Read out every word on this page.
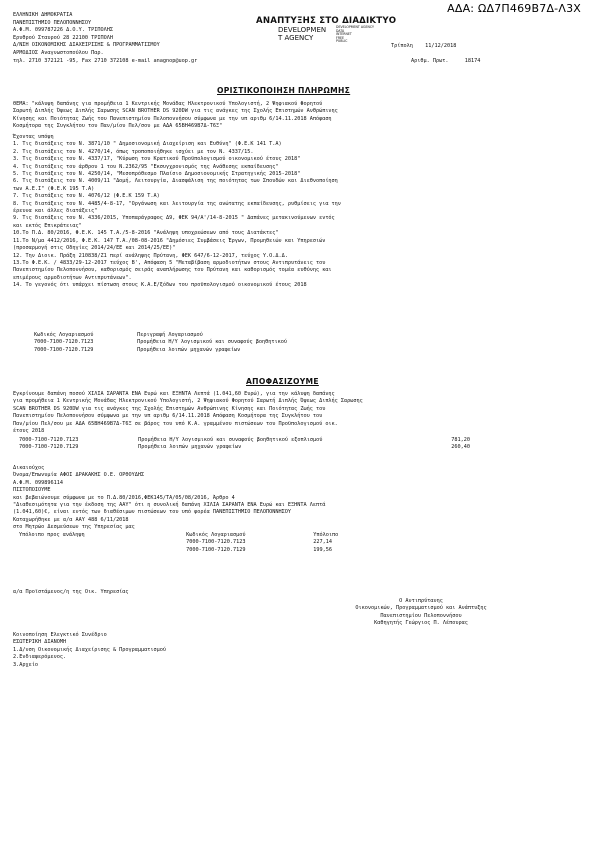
ΑΔΑ: ΩΔ7Π469Β7Δ-Λ3Χ
ΕΛΛΗΝΙΚΗ ΔΗΜΟΚΡΑΤΙΑ
ΠΑΝΕΠΙΣΤΗΜΙΟ ΠΕΛΟΠΟΝΝΗΣΟΥ
Α.Φ.Μ. 099787226 Δ.Ο.Υ. ΤΡΙΠΟΛΗΣ
Ερυθρού Σταυρού 28 22100 ΤΡΙΠΟΛΗ
Δ/ΝΣΗ ΟΙΚΟΝΟΜΙΚΗΣ ΔΙΑΧΕΙΡΙΣΗΣ & ΠΡΟΓΡΑΜΜΑΤΙΣΜΟΥ
ΑΡΜΟΔΙΟΣ Αναγνωστοπούλου Παρ.
τηλ. 2710 372121 -95, Fax 2710 372108 e-mail anagnop@uop.gr
ΑΝΑΠΤΥΞΗΣ ΣΤΟ ΔΙΑΔΙΚΤΥΟ
DEVELOPMEN
T AGENCY
DEVELOPMENT AGENCY
DATA
INTERNET
FREE
PUBLIC
Τρίπολη 11/12/2018
Αριθμ. Πρωτ.	18174
ΟΡΙΣΤΙΚΟΠΟΙΗΣΗ ΠΛΗΡΩΜΗΣ
ΘΕΜΑ: "κάλυψη δαπάνης για προμήθεια 1 Κεντρικής Μονάδας Ηλεκτρονικού Υπολογιστή, 2 Ψηφιακού Φορητού
Σαρωτή Διπλής Όψεως Διπλής Σαρωσης SCAN BROTHER DS 920DW για τις ανάγκες της Σχολής Επιστημών Ανθρώπινης
Κίνησης και Ποιότητας Ζωής του Πανεπιστημίου Πελοποννήσου σύμφωνα με την υπ αριθμ 6/14.11.2018 Απόφαση
Κοσμήτορα της Συγκλήτου του Παν/μίου Πελ/σου με ΑΔΑ 65ΒΗ469Β7Δ-Τ6Ξ"
Έχοντας υπόψη
1. Τις διατάξεις του Ν. 3871/10 " Δημοσιονομική Διαχείριση και Ευθύνη" (Φ.Ε.Κ 141 Τ.Α)
2. Τις διατάξεις του Ν. 4270/14, όπως τροποποιήθηκε ισχύει με τον Ν. 4337/15.
3. Τις διατάξεις του Ν. 4337/17, "Κύρωση του Κρατικού Προϋπολογισμού οικονομικού έτους 2018"
4. Τις διατάξεις του άρθρου 1 του Ν.2362/95 "Εκσυγχρονισμός της Ανάθεσης εκπαίδευσης"
5. Τις διατάξεις του Ν. 4250/14, "Μεσοπρόθεσμο Πλαίσιο Δημοσιονομικής Στρατηγικής 2015-2018"
6. Τις διατάξεις του Ν. 4009/11 "Δομή, Λειτουργία, Διασφάλιση της ποιότητας των Σπουδών και Διεθνοποίηση
των Α.Ε.Ι" (Φ.Ε.Κ 195 Τ.Α)
7. Τις διατάξεις του Ν. 4076/12 (Φ.Ε.Κ 159 Τ.Α)
8. Τις διατάξεις του Ν. 4485/4-8-17, "Οργάνωση και λειτουργία της ανώτατης εκπαίδευσης, ρυθμίσεις για την
έρευνα και άλλες διατάξεις"
9. Τις διατάξεις του Ν. 4336/2015, Υποπαράγραφος Δ9, ΦΕΚ 94/Α'/14-8-2015 " Δαπάνες μετακινούμενων εντός
και εκτός Επικράτειας"
10.Το Π.Δ. 80/2016, Φ.Ε.Κ. 145 Τ.Α./5-8-2016 "Ανάληψη υποχρεώσεων από τους Διατάκτες"
11.Το Ν/μα 4412/2016, Φ.Ε.Κ. 147 Τ.Α./08-08-2016 "Δημόσιες Συμβάσεις Έργων, Προμηθειών και Υπηρεσιών
(προσαρμογή στις Οδηγίες 2014/24/ΕΕ και 2014/25/ΕΕ)"
12. Την Διοικ. Πράξη 210838/Ζ1 περί ανάληψης Πρύτανη, ΦΕΚ 647/6-12-2017, τεύχος Υ.Ο.Δ.Δ.
13.Το Φ.Ε.Κ. / 4833/29-12-2017 τεύχος Β', Απόφαση 5 "Μεταβίβαση αρμοδιοτήτων στους Αντιπρυτάνεις του
Πανεπιστημίου Πελοποννήσου, καθορισμός σειράς αναπλήρωσης του Πρύτανη και καθορισμός τομέα ευθύνης και
επιμέρους αρμοδιοτήτων Αντιπρυτάνεων".
14. Το γεγονός ότι υπάρχει πίστωση στους Κ.Α.Ε/ξόδων του προϋπολογισμού οικονομικού έτους 2018
Κωδικός Λογαριασμού	Περιγραφή Λογαριασμού
7000-7100-7120.7123	Προμήθεια Η/Υ λογισμικού και συναφούς βοηθητικού
7000-7100-7120.7129	Προμήθεια λοιπών μηχανών γραφείων
ΑΠΟΦΑΣΙΖΟΥΜΕ
Εγκρίνουμε δαπάνη ποσού ΧΙΛΙΑ ΣΑΡΑΝΤΑ ΕΝΑ Ευρώ και ΕΞΗΝΤΑ Λεπτά (1.041,60 Ευρώ), για την κάλυψη δαπάνης
για προμήθεια 1 Κεντρικής Μονάδας Ηλεκτρονικού Υπολογιστή, 2 Ψηφιακού Φορητού Σαρωτή Διπλής Όψεως Διπλής Σαρωσης
SCAN BROTHER DS 920DW για τις ανάγκες της Σχολής Επιστημών Ανθρώπινης Κίνησης και Ποιότητας Ζωής του
Πανεπιστημίου Πελοποννήσου σύμφωνα με την υπ αριθμ 6/14.11.2018 Απόφαση Κοσμήτορα της Συγκλήτου του
Παν/μίου Πελ/σου με ΑΔΑ 65ΒΗ469Β7Δ-Τ6Ξ σε βάρος του υπό Κ.Α. γραμμένου πιστώσεων του Προϋπολογισμού οικ.
έτους 2018
7000-7100-7120.7123	Προμήθεια Η/Υ λογισμικού και συναφούς βοηθητικού εξοπλισμού	781,20
7000-7100-7120.7129	Προμήθεια λοιπών μηχανών γραφείων	260,40
Δικαιούχος
Όνομα/Επωνυμία ΑΦΟΙ ΔΡΑΚΑΚΗΣ Ο.Ε. ΟΡΘΟΥΔΗΣ
Α.Φ.Μ. 099896114
ΠΙΣΤΟΠΟΙΟΥΜΕ
και βεβαιώνουμε σύμφωνα με το Π.Δ.80/2016,ΦΕΚ145/ΤΑ/05/08/2016, Άρθρο 4
"Διαθεσιμότητα για την έκδοση της ΑΑΥ" ότι η συνολική δαπάνη ΧΙΛΙΑ ΣΑΡΑΝΤΑ ΕΝΑ Ευρώ και ΕΞΗΝΤΑ Λεπτά
(1.041,60)€, είναι εντός των διαθέσιμων πιστώσεων του υπό φορέα ΠΑΝΕΠΙΣΤΗΜΙΟ ΠΕΛΟΠΟΝΝΗΣΟΥ
Καταχωρήθηκε με α/α ΑΑΥ 488 6/11/2018
στο Μητρώο Δεσμεύσεων της Υπηρεσίας μας
Υπόλοιπο προς ανάληψη	Κωδικός Λογαριασμού	Υπόλοιπο
7000-7100-7120.7123	227,14
7000-7100-7120.7129	199,56
α/α Προϊστάμενος/η της Οικ. Υπηρεσίας
Ο Αντιπρύτανης
Οικονομικών, Προγραμματισμού και Ανάπτυξης
Πανεπιστημίου Πελοποννήσου
Καθηγητής Γεώργιος Π. Λέπουρας
Κοινοποίηση Ελεγκτικό Συνέδριο
ΕΣΩΤΕΡΙΚΗ ΔΙΑΝΟΜΗ
1.Δ/νση Οικονομικής Διαχείρισης & Προγραμματισμού
2.Ενδιαφερόμενος.
3.Αρχείο
